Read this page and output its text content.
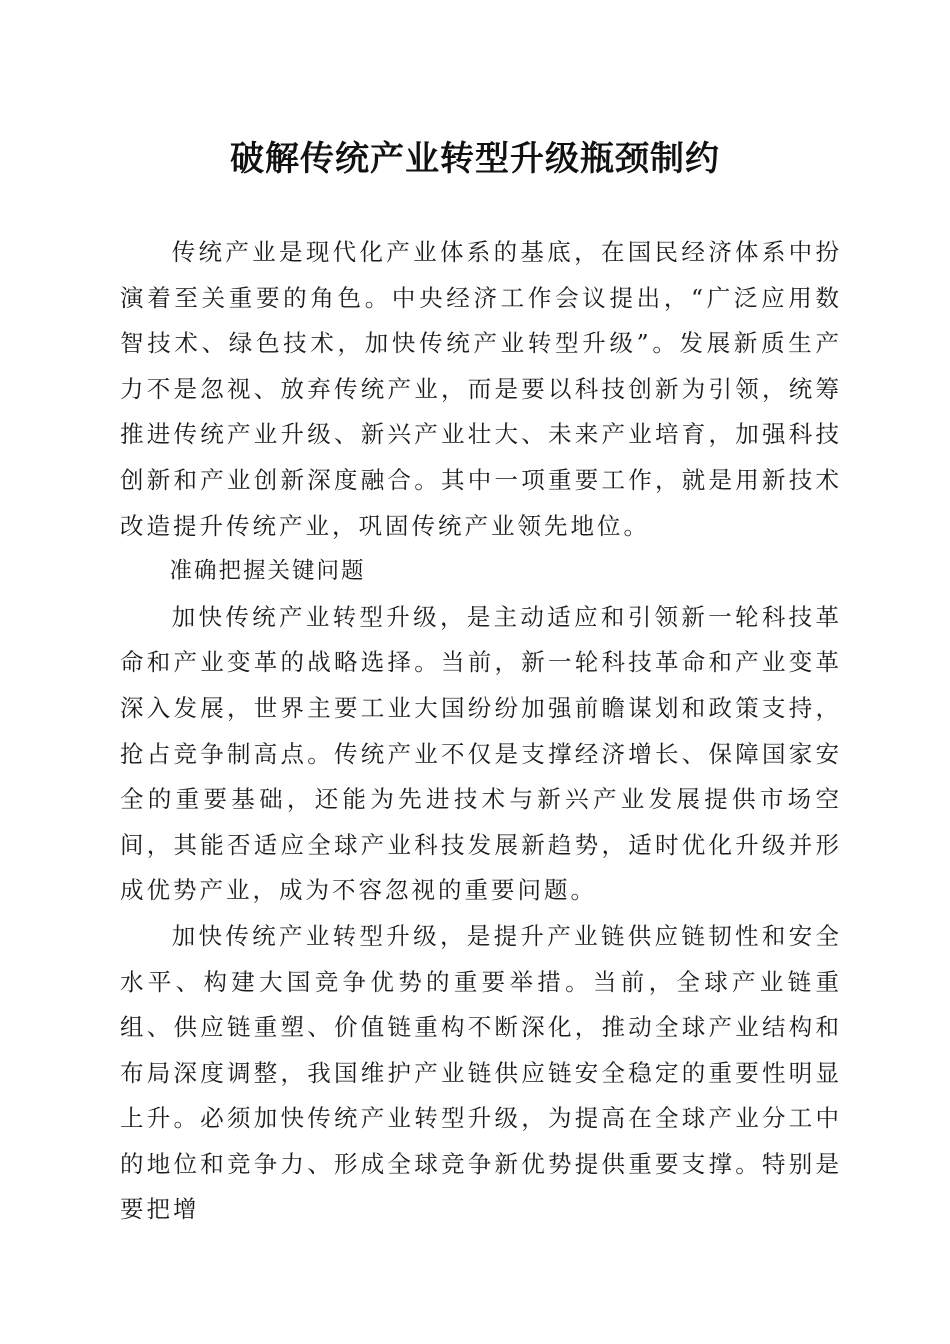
破解传统产业转型升级瓶颈制约

传统产业是现代化产业体系的基底，在国民经济体系中扮演着至关重要的角色。中央经济工作会议提出，“广泛应用数智技术、绿色技术，加快传统产业转型升级”。发展新质生产力不是忽视、放弃传统产业，而是要以科技创新为引领，统筹推进传统产业升级、新兴产业壮大、未来产业培育，加强科技创新和产业创新深度融合。其中一项重要工作，就是用新技术改造提升传统产业，巩固传统产业领先地位。

准确把握关键问题

加快传统产业转型升级，是主动适应和引领新一轮科技革命和产业变革的战略选择。当前，新一轮科技革命和产业变革深入发展，世界主要工业大国纷纷加强前瞻谋划和政策支持，抢占竞争制高点。传统产业不仅是支撑经济增长、保障国家安全的重要基础，还能为先进技术与新兴产业发展提供市场空间，其能否适应全球产业科技发展新趋势，适时优化升级并形成优势产业，成为不容忽视的重要问题。

加快传统产业转型升级，是提升产业链供应链韧性和安全水平、构建大国竞争优势的重要举措。当前，全球产业链重组、供应链重塑、价值链重构不断深化，推动全球产业结构和布局深度调整，我国维护产业链供应链安全稳定的重要性明显上升。必须加快传统产业转型升级，为提高在全球产业分工中的地位和竞争力、形成全球竞争新优势提供重要支撑。特别是要把增
